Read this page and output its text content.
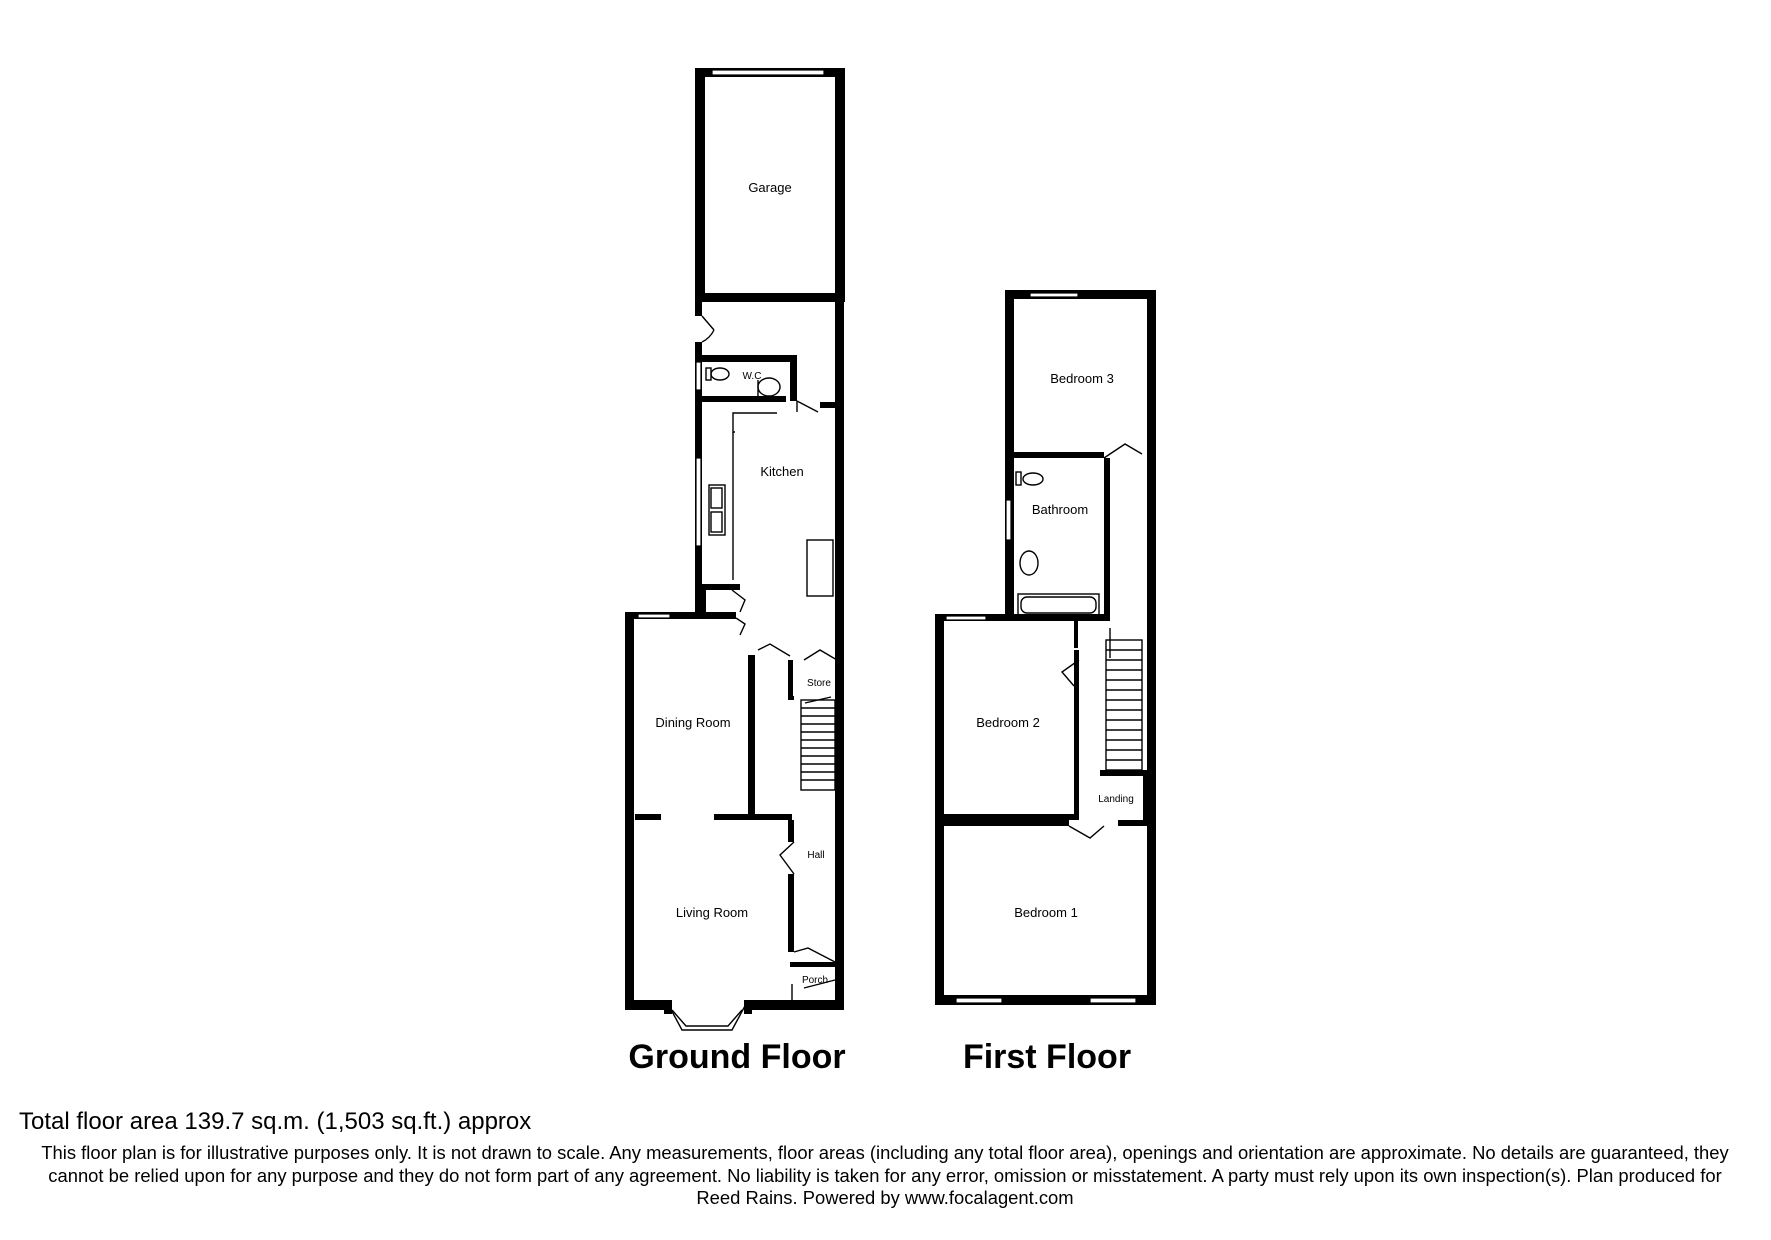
Garage
W.C
Kitchen
Dining Room
Store
Hall
Living Room
Porch
Bedroom 3
Bathroom
Bedroom 2
Landing
Bedroom 1
Ground Floor	First Floor
Total floor area 139.7 sq.m. (1,503 sq.ft.) approx
This floor plan is for illustrative purposes only. It is not drawn to scale. Any measurements, floor areas (including any total floor area), openings and orientation are approximate. No details are guaranteed, they cannot be relied upon for any purpose and they do not form part of any agreement. No liability is taken for any error, omission or misstatement. A party must rely upon its own inspection(s). Plan produced for Reed Rains. Powered by www.focalagent.com
